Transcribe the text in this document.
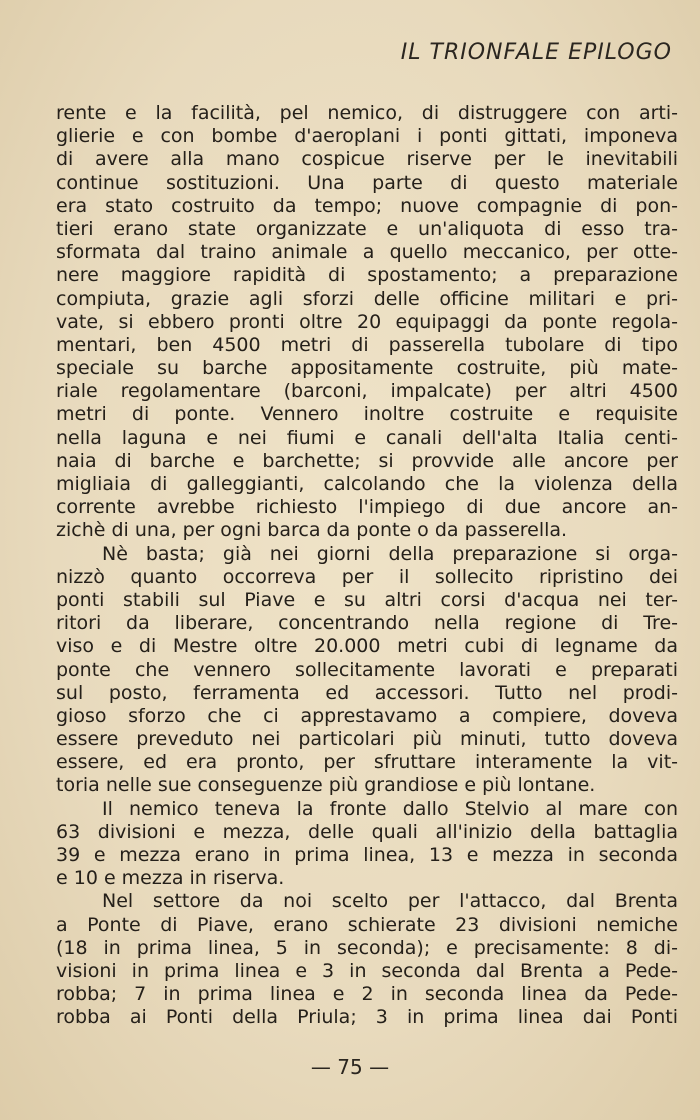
IL TRIONFALE EPILOGO
rente e la facilità, pel nemico, di distruggere con arti-
glierie e con bombe d'aeroplani i ponti gittati, imponeva
di avere alla mano cospicue riserve per le inevitabili
continue sostituzioni. Una parte di questo materiale
era stato costruito da tempo; nuove compagnie di pon-
tieri erano state organizzate e un'aliquota di esso tra-
sformata dal traino animale a quello meccanico, per otte-
nere maggiore rapidità di spostamento; a preparazione
compiuta, grazie agli sforzi delle officine militari e pri-
vate, si ebbero pronti oltre 20 equipaggi da ponte regola-
mentari, ben 4500 metri di passerella tubolare di tipo
speciale su barche appositamente costruite, più mate-
riale regolamentare (barconi, impalcate) per altri 4500
metri di ponte. Vennero inoltre costruite e requisite
nella laguna e nei fiumi e canali dell'alta Italia centi-
naia di barche e barchette; si provvide alle ancore per
migliaia di galleggianti, calcolando che la violenza della
corrente avrebbe richiesto l'impiego di due ancore an-
zichè di una, per ogni barca da ponte o da passerella.
Nè basta; già nei giorni della preparazione si orga-
nizzò quanto occorreva per il sollecito ripristino dei
ponti stabili sul Piave e su altri corsi d'acqua nei ter-
ritori da liberare, concentrando nella regione di Tre-
viso e di Mestre oltre 20.000 metri cubi di legname da
ponte che vennero sollecitamente lavorati e preparati
sul posto, ferramenta ed accessori. Tutto nel prodi-
gioso sforzo che ci apprestavamo a compiere, doveva
essere preveduto nei particolari più minuti, tutto doveva
essere, ed era pronto, per sfruttare interamente la vit-
toria nelle sue conseguenze più grandiose e più lontane.
Il nemico teneva la fronte dallo Stelvio al mare con
63 divisioni e mezza, delle quali all'inizio della battaglia
39 e mezza erano in prima linea, 13 e mezza in seconda
e 10 e mezza in riserva.
Nel settore da noi scelto per l'attacco, dal Brenta
a Ponte di Piave, erano schierate 23 divisioni nemiche
(18 in prima linea, 5 in seconda); e precisamente: 8 di-
visioni in prima linea e 3 in seconda dal Brenta a Pede-
robba; 7 in prima linea e 2 in seconda linea da Pede-
robba ai Ponti della Priula; 3 in prima linea dai Ponti
— 75 —
